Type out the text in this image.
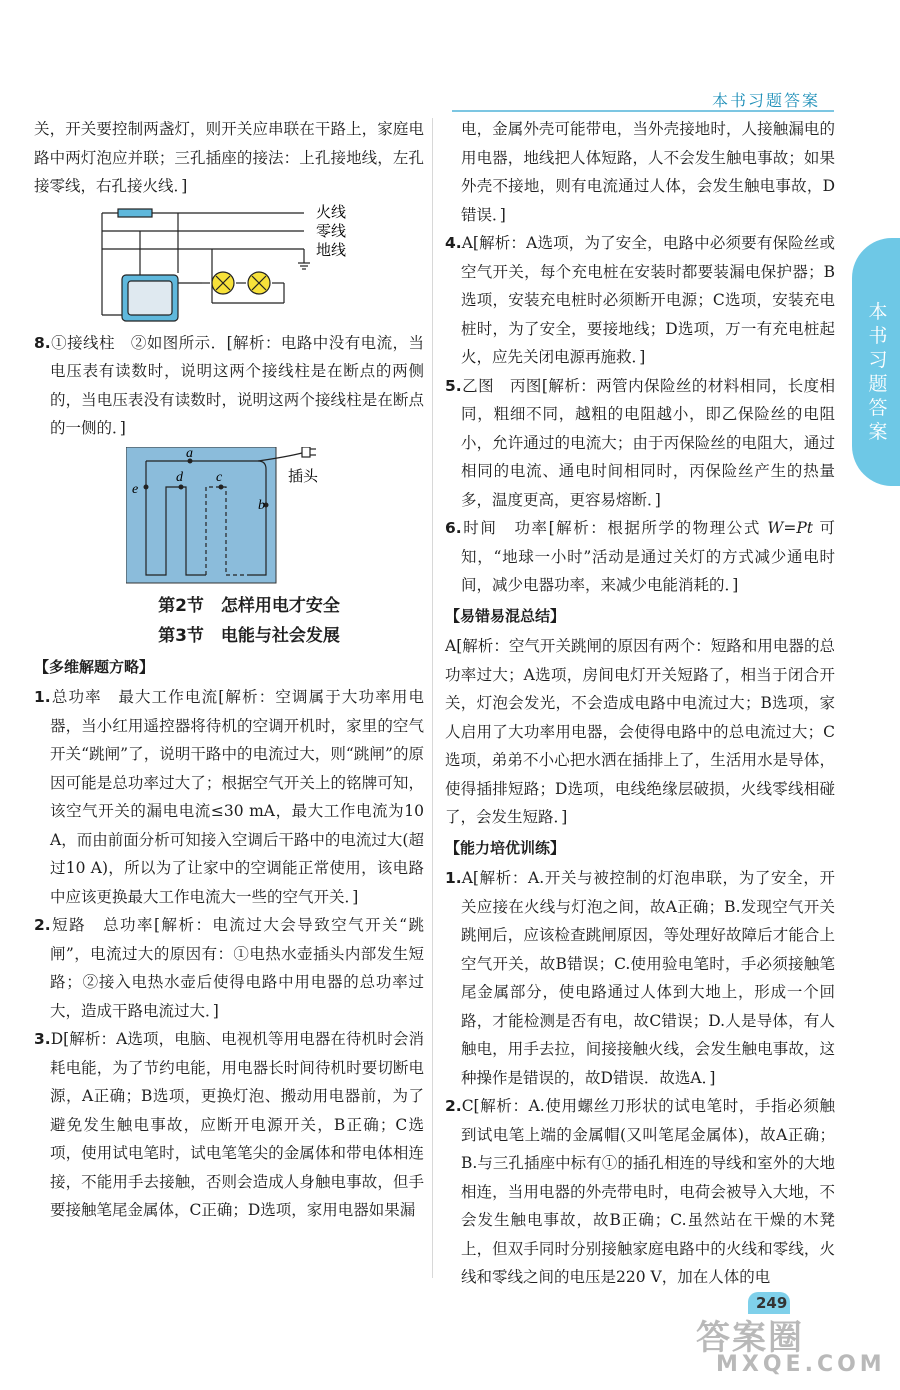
本书习题答案
本书习题答案

关，开关要控制两盏灯，则开关应串联在干路上，家庭电路中两灯泡应并联；三孔插座的接法：上孔接地线，左孔接零线，右孔接火线．]

火线
零线
地线

8.①接线柱　②如图所示．[解析：电路中没有电流，当电压表有读数时，说明这两个接线柱是在断点的两侧的，当电压表没有读数时，说明这两个接线柱是在断点的一侧的．]

a
b
c
d
e
插头

第2节　怎样用电才安全

第3节　电能与社会发展

【多维解题方略】

1.总功率　最大工作电流[解析：空调属于大功率用电器，当小红用遥控器将待机的空调开机时，家里的空气开关“跳闸”了，说明干路中的电流过大，则“跳闸”的原因可能是总功率过大了；根据空气开关上的铭牌可知，该空气开关的漏电电流≤30 mA，最大工作电流为10 A，而由前面分析可知接入空调后干路中的电流过大(超过10 A)，所以为了让家中的空调能正常使用，该电路中应该更换最大工作电流大一些的空气开关．]

2.短路　总功率[解析：电流过大会导致空气开关“跳闸”，电流过大的原因有：①电热水壶插头内部发生短路；②接入电热水壶后使得电路中用电器的总功率过大，造成干路电流过大．]

3.D[解析：A选项，电脑、电视机等用电器在待机时会消耗电能，为了节约电能，用电器长时间待机时要切断电源，A正确；B选项，更换灯泡、搬动用电器前，为了避免发生触电事故，应断开电源开关，B正确；C选项，使用试电笔时，试电笔笔尖的金属体和带电体相连接，不能用手去接触，否则会造成人身触电事故，但手要接触笔尾金属体，C正确；D选项，家用电器如果漏

电，金属外壳可能带电，当外壳接地时，人接触漏电的用电器，地线把人体短路，人不会发生触电事故；如果外壳不接地，则有电流通过人体，会发生触电事故，D错误．]

4.A[解析：A选项，为了安全，电路中必须要有保险丝或空气开关，每个充电桩在安装时都要装漏电保护器；B选项，安装充电桩时必须断开电源；C选项，安装充电桩时，为了安全，要接地线；D选项，万一有充电桩起火，应先关闭电源再施救．]

5.乙图　丙图[解析：两管内保险丝的材料相同，长度相同，粗细不同，越粗的电阻越小，即乙保险丝的电阻小，允许通过的电流大；由于丙保险丝的电阻大，通过相同的电流、通电时间相同时，丙保险丝产生的热量多，温度更高，更容易熔断．]

6.时间　功率[解析：根据所学的物理公式 W=Pt 可知，“地球一小时”活动是通过关灯的方式减少通电时间，减少电器功率，来减少电能消耗的．]

【易错易混总结】

A[解析：空气开关跳闸的原因有两个：短路和用电器的总功率过大；A选项，房间电灯开关短路了，相当于闭合开关，灯泡会发光，不会造成电路中电流过大；B选项，家人启用了大功率用电器，会使得电路中的总电流过大；C选项，弟弟不小心把水洒在插排上了，生活用水是导体，使得插排短路；D选项，电线绝缘层破损，火线零线相碰了，会发生短路．]

【能力培优训练】

1.A[解析：A.开关与被控制的灯泡串联，为了安全，开关应接在火线与灯泡之间，故A正确；B.发现空气开关跳闸后，应该检查跳闸原因，等处理好故障后才能合上空气开关，故B错误；C.使用验电笔时，手必须接触笔尾金属部分，使电路通过人体到大地上，形成一个回路，才能检测是否有电，故C错误；D.人是导体，有人触电，用手去拉，间接接触火线，会发生触电事故，这种操作是错误的，故D错误．故选A．]

2.C[解析：A.使用螺丝刀形状的试电笔时，手指必须触到试电笔上端的金属帽(又叫笔尾金属体)，故A正确；B.与三孔插座中标有①的插孔相连的导线和室外的大地相连，当用电器的外壳带电时，电荷会被导入大地，不会发生触电事故，故B正确；C.虽然站在干燥的木凳上，但双手同时分别接触家庭电路中的火线和零线，火线和零线之间的电压是220 V，加在人体的电

249
答案圈
MXQE.COM
